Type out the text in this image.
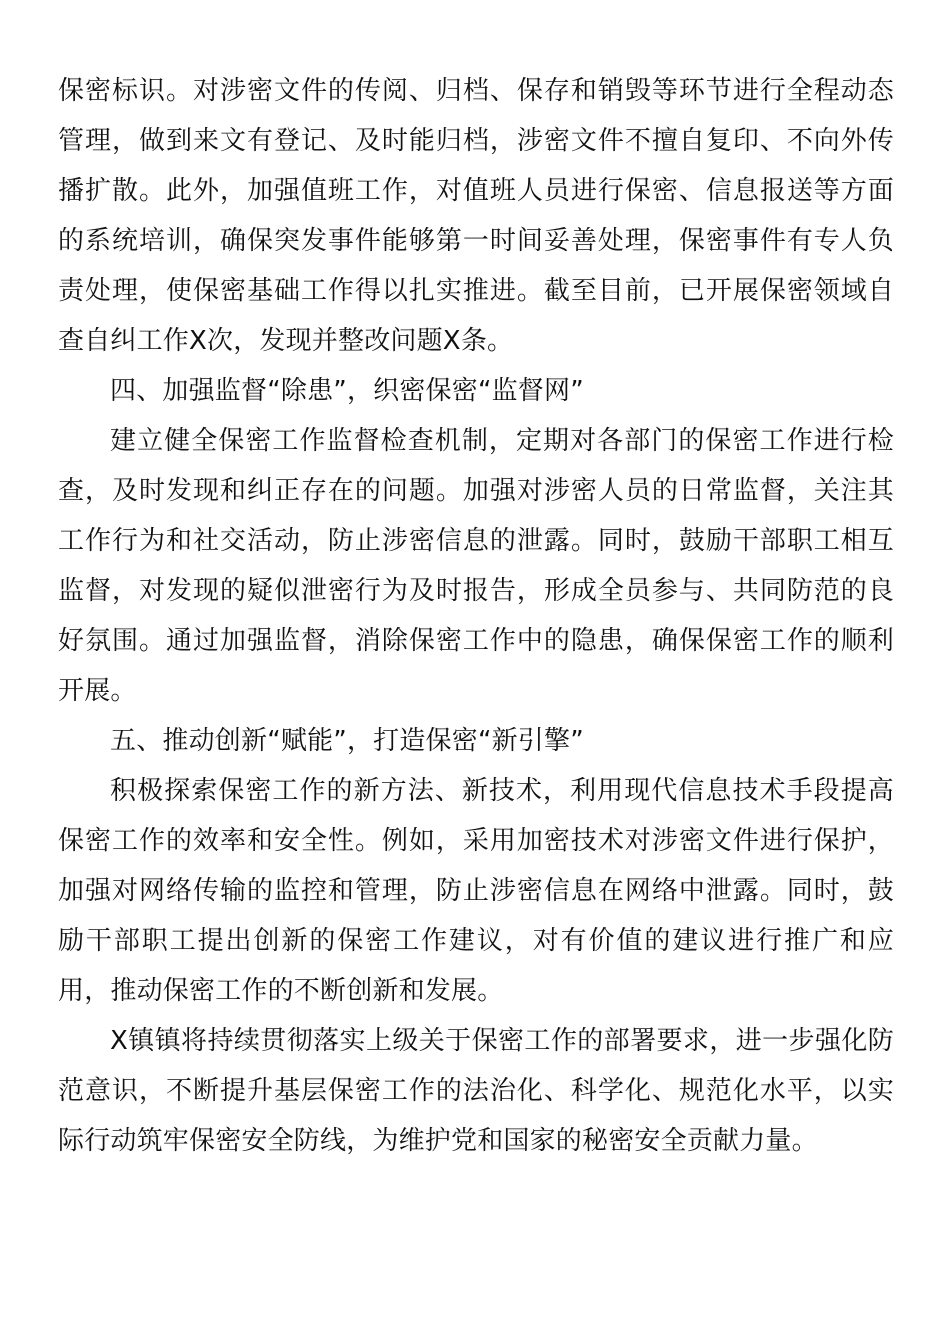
保密标识。对涉密文件的传阅、归档、保存和销毁等环节进行全程动态管理，做到来文有登记、及时能归档，涉密文件不擅自复印、不向外传播扩散。此外，加强值班工作，对值班人员进行保密、信息报送等方面的系统培训，确保突发事件能够第一时间妥善处理，保密事件有专人负责处理，使保密基础工作得以扎实推进。截至目前，已开展保密领域自查自纠工作X次，发现并整改问题X条。

四、加强监督“除患”，织密保密“监督网”

建立健全保密工作监督检查机制，定期对各部门的保密工作进行检查，及时发现和纠正存在的问题。加强对涉密人员的日常监督，关注其工作行为和社交活动，防止涉密信息的泄露。同时，鼓励干部职工相互监督，对发现的疑似泄密行为及时报告，形成全员参与、共同防范的良好氛围。通过加强监督，消除保密工作中的隐患，确保保密工作的顺利开展。

五、推动创新“赋能”，打造保密“新引擎”

积极探索保密工作的新方法、新技术，利用现代信息技术手段提高保密工作的效率和安全性。例如，采用加密技术对涉密文件进行保护，加强对网络传输的监控和管理，防止涉密信息在网络中泄露。同时，鼓励干部职工提出创新的保密工作建议，对有价值的建议进行推广和应用，推动保密工作的不断创新和发展。

X镇镇将持续贯彻落实上级关于保密工作的部署要求，进一步强化防范意识，不断提升基层保密工作的法治化、科学化、规范化水平，以实际行动筑牢保密安全防线，为维护党和国家的秘密安全贡献力量。
